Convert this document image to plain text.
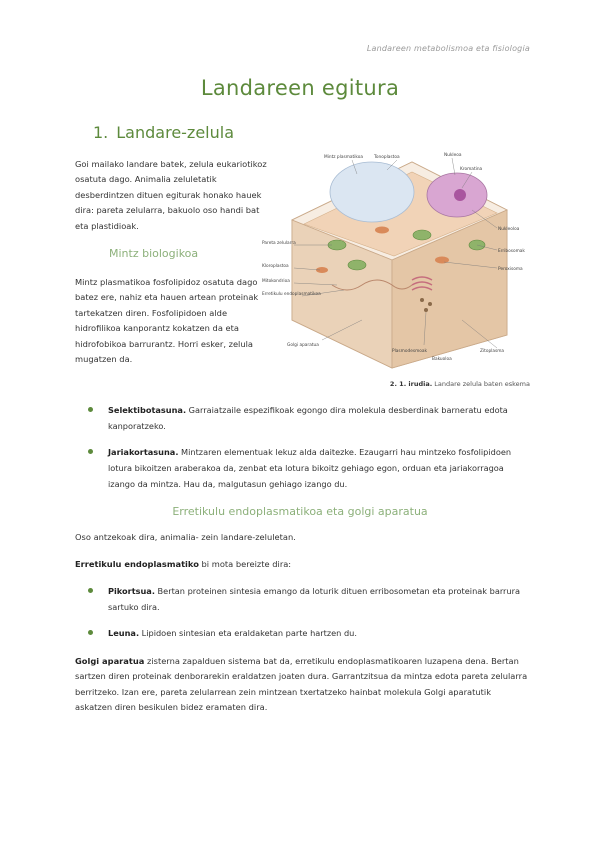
Landareen metabolismoa eta fisiologia
Landareen egitura
1. Landare-zelula
Goi mailako landare batek, zelula eukariotikoz osatuta dago. Animalia zeluletatik desberdintzen dituen egiturak honako hauek dira: pareta zelularra, bakuolo oso handi bat eta plastidioak.
Mintz biologikoa
Mintz plasmatikoa fosfolipidoz osatuta dago batez ere, nahiz eta hauen artean proteinak tartekatzen diren. Fosfolipidoen alde hidrofilikoa kanporantz kokatzen da eta hidrofobikoa barrurantz. Horri esker, zelula mugatzen da.
Mintz plasmatikoa	Tonoplastoa	Nukleoa
Kromatina
Pareta zelularra
Kloroplastoa
Mitokondrioa
Erretikulu endoplasmatikoa
Golgi aparatua
Plasmodesmoak
Bakuoloa
Nukleoloa
Erribosomak
Peroxisoma
Zitoplasma
2. 1. irudia. Landare zelula baten eskema
Selektibotasuna. Garraiatzaile espezifikoak egongo dira molekula desberdinak barneratu edota kanporatzeko.
Jariakortasuna. Mintzaren elementuak lekuz alda daitezke. Ezaugarri hau mintzeko fosfolipidoen lotura bikoitzen araberakoa da, zenbat eta lotura bikoitz gehiago egon, orduan eta jariakorragoa izango da mintza. Hau da, malgutasun gehiago izango du.
Erretikulu endoplasmatikoa eta golgi aparatua
Oso antzekoak dira, animalia- zein landare-zeluletan.
Erretikulu endoplasmatiko bi mota bereizte dira:
Pikortsua. Bertan proteinen sintesia emango da loturik dituen erribosometan eta proteinak barrura sartuko dira.
Leuna. Lipidoen sintesian eta eraldaketan parte hartzen du.
Golgi aparatua zisterna zapalduen sistema bat da, erretikulu endoplasmatikoaren luzapena dena. Bertan sartzen diren proteinak denborarekin eraldatzen joaten dura. Garrantzitsua da mintza edota pareta zelularra berritzeko. Izan ere, pareta zelularrean zein mintzean txertatzeko hainbat molekula Golgi aparatutik askatzen diren besikulen bidez eramaten dira.
